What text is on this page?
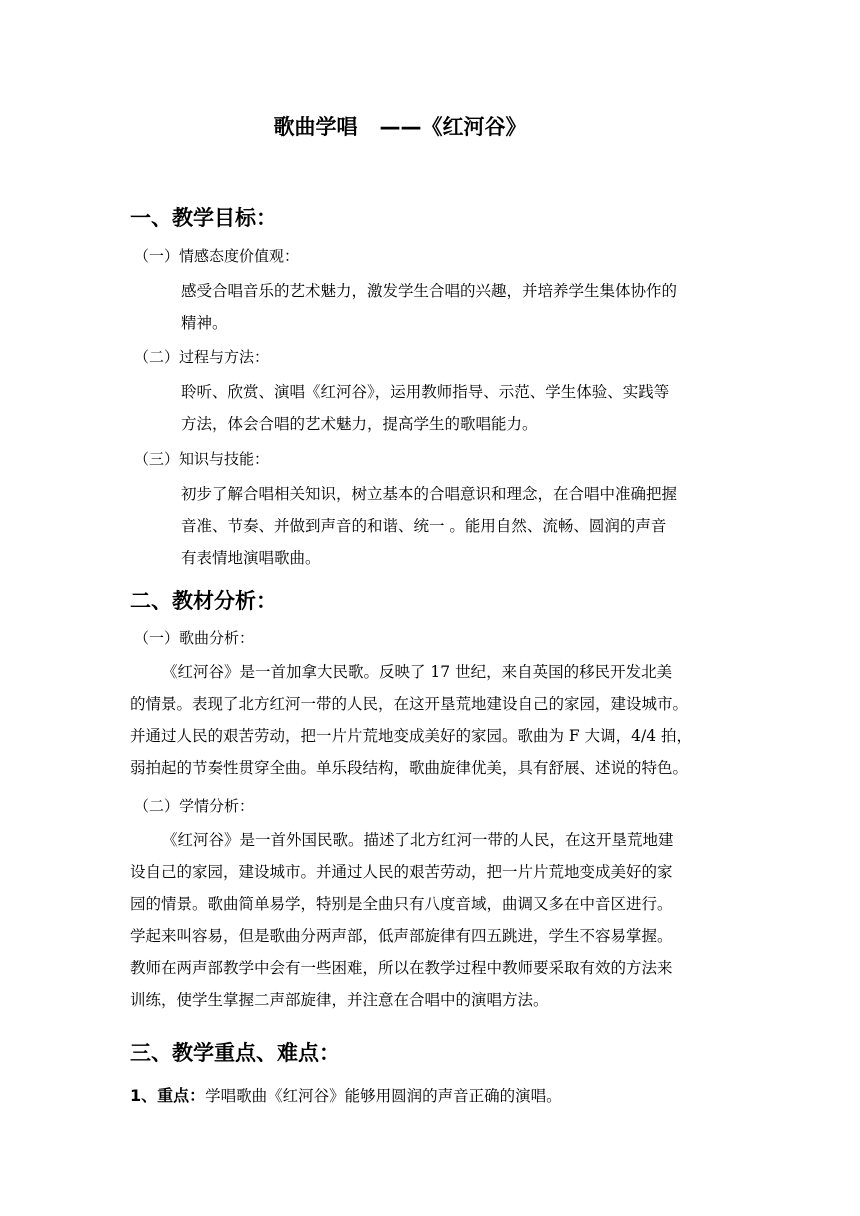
歌曲学唱 ——《红河谷》
一、教学目标：
（一）情感态度价值观：
感受合唱音乐的艺术魅力，激发学生合唱的兴趣，并培养学生集体协作的
精神。
（二）过程与方法：
聆听、欣赏、演唱《红河谷》，运用教师指导、示范、学生体验、实践等
方法，体会合唱的艺术魅力，提高学生的歌唱能力。
（三）知识与技能：
初步了解合唱相关知识，树立基本的合唱意识和理念，在合唱中准确把握
音准、节奏、并做到声音的和谐、统一 。能用自然、流畅、圆润的声音
有表情地演唱歌曲。
二、教材分析：
（一）歌曲分析：
《红河谷》是一首加拿大民歌。反映了 17 世纪，来自英国的移民开发北美
的情景。表现了北方红河一带的人民，在这开垦荒地建设自己的家园，建设城市。
并通过人民的艰苦劳动，把一片片荒地变成美好的家园。歌曲为 F 大调，4/4 拍，
弱拍起的节奏性贯穿全曲。单乐段结构，歌曲旋律优美，具有舒展、述说的特色。
（二）学情分析：
《红河谷》是一首外国民歌。描述了北方红河一带的人民，在这开垦荒地建
设自己的家园，建设城市。并通过人民的艰苦劳动，把一片片荒地变成美好的家
园的情景。歌曲简单易学，特别是全曲只有八度音域，曲调又多在中音区进行。
学起来叫容易，但是歌曲分两声部，低声部旋律有四五跳进，学生不容易掌握。
教师在两声部教学中会有一些困难，所以在教学过程中教师要采取有效的方法来
训练，使学生掌握二声部旋律，并注意在合唱中的演唱方法。
三、教学重点、难点：
1、重点：学唱歌曲《红河谷》能够用圆润的声音正确的演唱。
